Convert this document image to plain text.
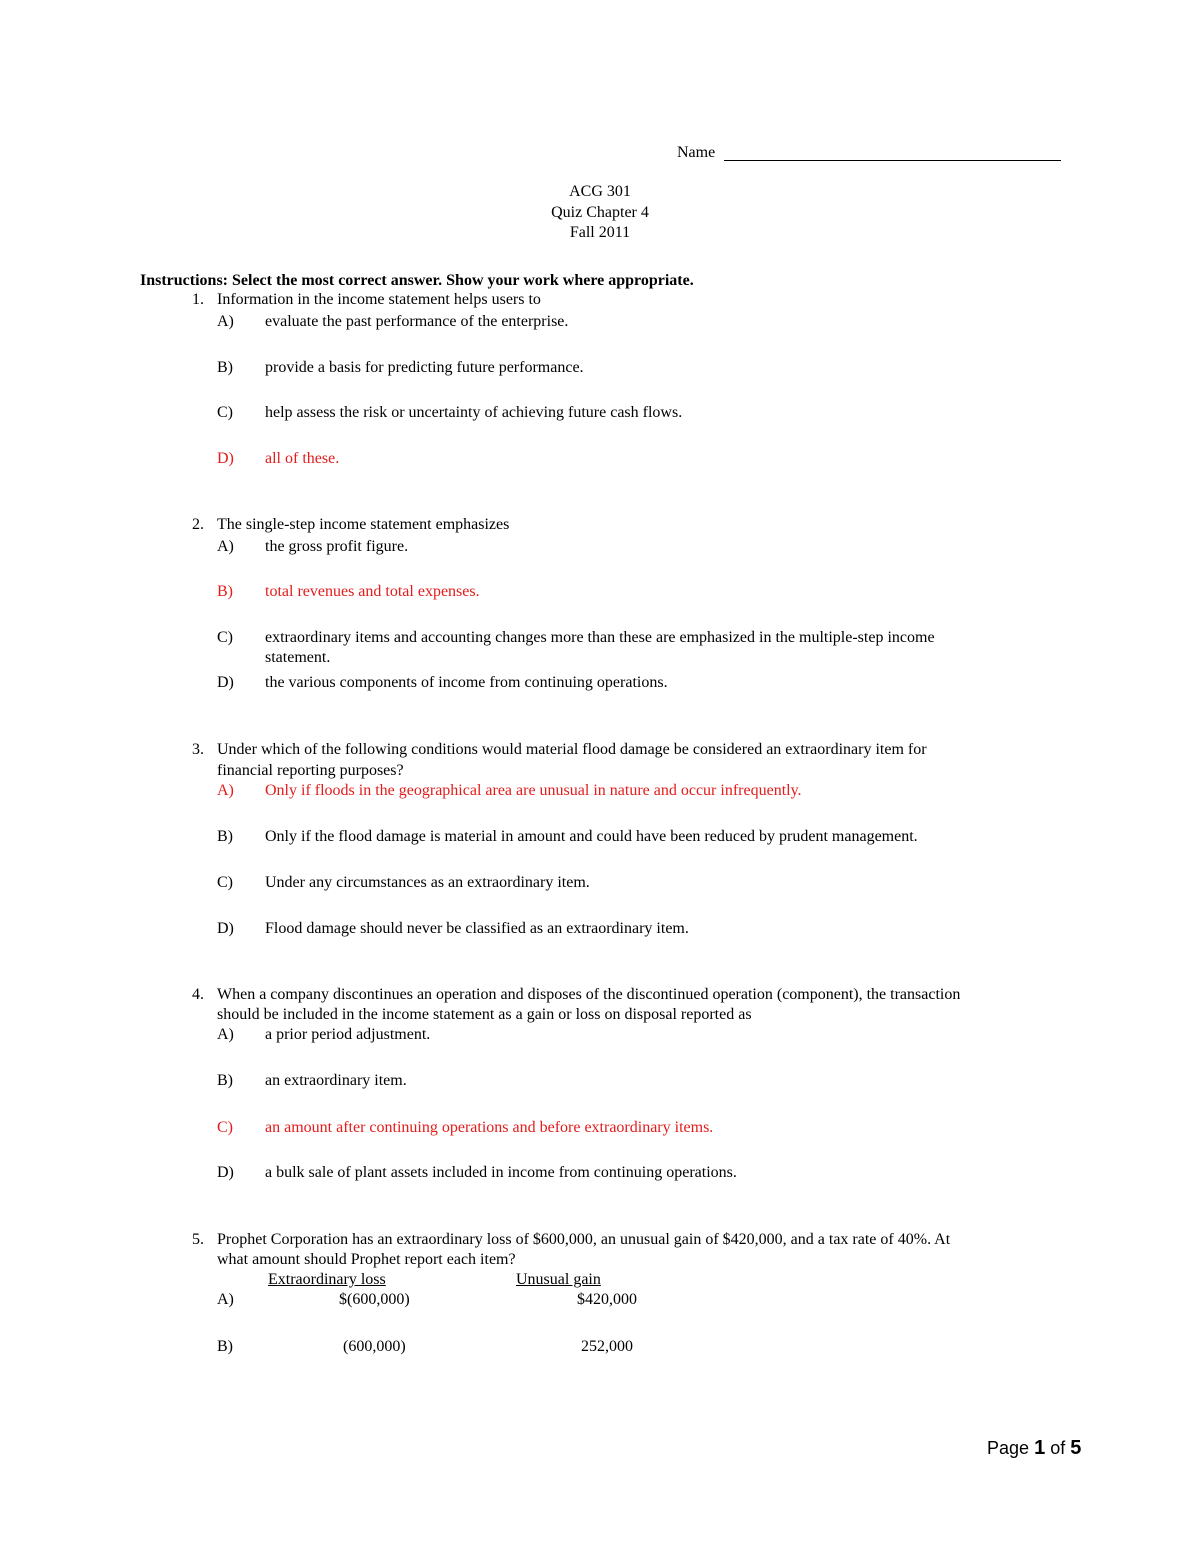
Name
ACG 301
Quiz Chapter 4
Fall 2011
Instructions: Select the most correct answer. Show your work where appropriate.
1. Information in the income statement helps users to
A) evaluate the past performance of the enterprise.
B) provide a basis for predicting future performance.
C) help assess the risk or uncertainty of achieving future cash flows.
D) all of these.
2. The single-step income statement emphasizes
A) the gross profit figure.
B) total revenues and total expenses.
C) extraordinary items and accounting changes more than these are emphasized in the multiple-step income
statement.
D) the various components of income from continuing operations.
3. Under which of the following conditions would material flood damage be considered an extraordinary item for
financial reporting purposes?
A) Only if floods in the geographical area are unusual in nature and occur infrequently.
B) Only if the flood damage is material in amount and could have been reduced by prudent management.
C) Under any circumstances as an extraordinary item.
D) Flood damage should never be classified as an extraordinary item.
4. When a company discontinues an operation and disposes of the discontinued operation (component), the transaction
should be included in the income statement as a gain or loss on disposal reported as
A) a prior period adjustment.
B) an extraordinary item.
C) an amount after continuing operations and before extraordinary items.
D) a bulk sale of plant assets included in income from continuing operations.
5. Prophet Corporation has an extraordinary loss of $600,000, an unusual gain of $420,000, and a tax rate of 40%. At
what amount should Prophet report each item?
Extraordinary loss	Unusual gain
A)	$(600,000)	$420,000
B)	(600,000)	252,000
Page 1 of 5
